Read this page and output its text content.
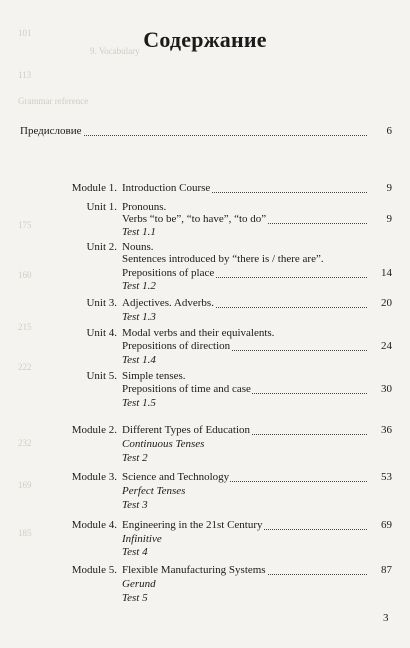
101
9. Vocabulary
113
Grammar reference
175
160
215
222
232
169
185
Содержание
Предисловие	6
Module 1. Introduction Course	9
Unit 1. Pronouns.
Verbs “to be”, “to have”, “to do”	9
Test 1.1
Unit 2. Nouns.
Sentences introduced by “there is / there are”.
Prepositions of place	14
Test 1.2
Unit 3. Adjectives. Adverbs.	20
Test 1.3
Unit 4. Modal verbs and their equivalents.
Prepositions of direction	24
Test 1.4
Unit 5. Simple tenses.
Prepositions of time and case	30
Test 1.5
Module 2. Different Types of Education	36
Continuous Tenses
Test 2
Module 3. Science and Technology	53
Perfect Tenses
Test 3
Module 4. Engineering in the 21st Century	69
Infinitive
Test 4
Module 5. Flexible Manufacturing Systems	87
Gerund
Test 5
3
